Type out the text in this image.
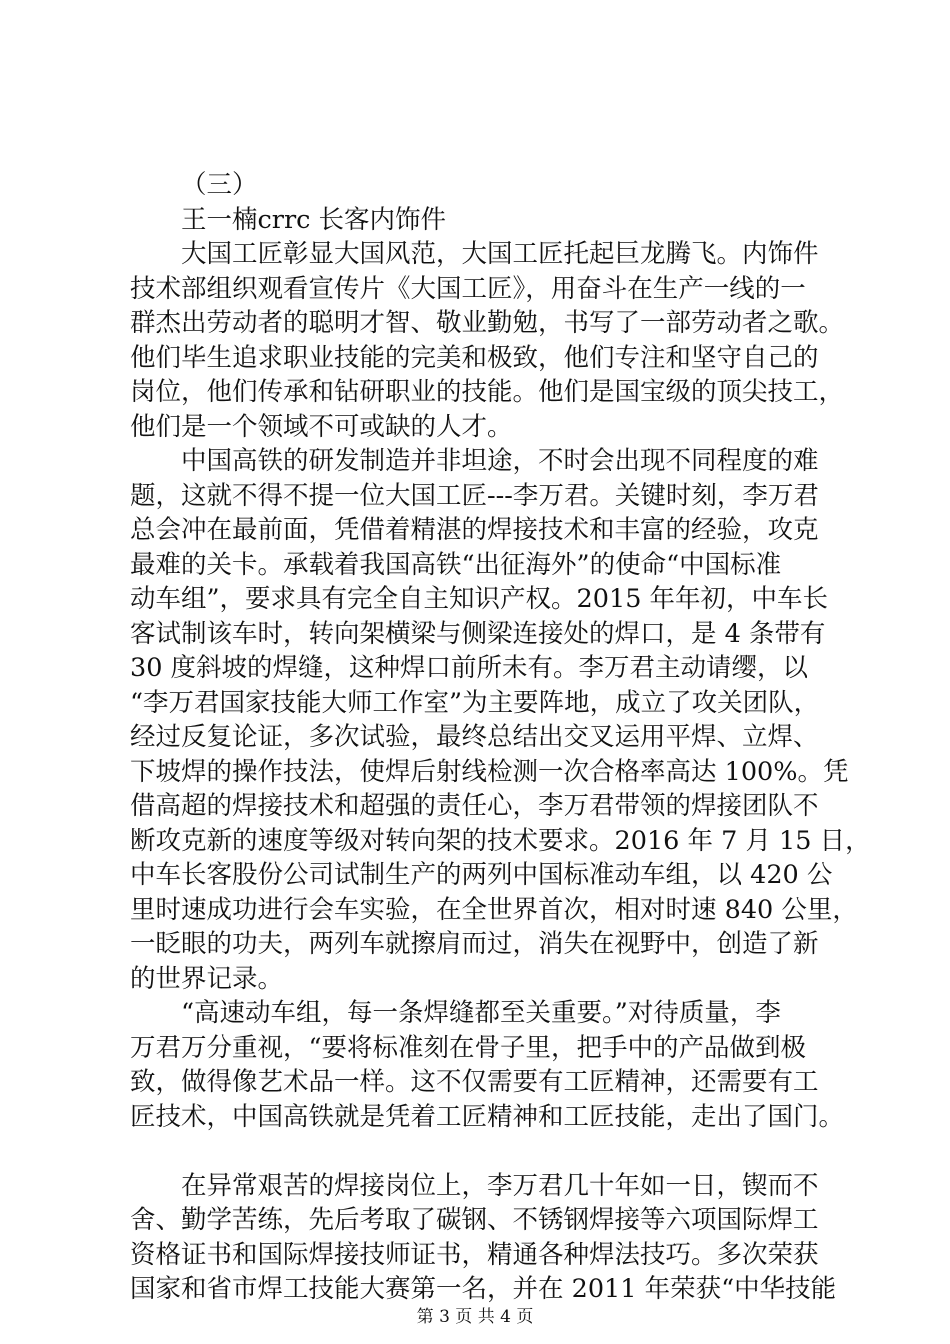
（三）
王一楠crrc 长客内饰件
大国工匠彰显大国风范，大国工匠托起巨龙腾飞。内饰件
技术部组织观看宣传片《大国工匠》，用奋斗在生产一线的一
群杰出劳动者的聪明才智、敬业勤勉，书写了一部劳动者之歌。
他们毕生追求职业技能的完美和极致，他们专注和坚守自己的
岗位，他们传承和钻研职业的技能。他们是国宝级的顶尖技工，
他们是一个领域不可或缺的人才。
中国高铁的研发制造并非坦途，不时会出现不同程度的难
题，这就不得不提一位大国工匠---李万君。关键时刻，李万君
总会冲在最前面，凭借着精湛的焊接技术和丰富的经验，攻克
最难的关卡。承载着我国高铁“出征海外”的使命“中国标准
动车组”，要求具有完全自主知识产权。2015 年年初，中车长
客试制该车时，转向架横梁与侧梁连接处的焊口，是 4 条带有
30 度斜坡的焊缝，这种焊口前所未有。李万君主动请缨，以
“李万君国家技能大师工作室”为主要阵地，成立了攻关团队，
经过反复论证，多次试验，最终总结出交叉运用平焊、立焊、
下坡焊的操作技法，使焊后射线检测一次合格率高达 100%。凭
借高超的焊接技术和超强的责任心，李万君带领的焊接团队不
断攻克新的速度等级对转向架的技术要求。2016 年 7 月 15 日，
中车长客股份公司试制生产的两列中国标准动车组，以 420 公
里时速成功进行会车实验，在全世界首次，相对时速 840 公里，
一眨眼的功夫，两列车就擦肩而过，消失在视野中，创造了新
的世界记录。
“高速动车组，每一条焊缝都至关重要。”对待质量，李
万君万分重视，“要将标准刻在骨子里，把手中的产品做到极
致，做得像艺术品一样。这不仅需要有工匠精神，还需要有工
匠技术，中国高铁就是凭着工匠精神和工匠技能，走出了国门。
在异常艰苦的焊接岗位上，李万君几十年如一日，锲而不
舍、勤学苦练，先后考取了碳钢、不锈钢焊接等六项国际焊工
资格证书和国际焊接技师证书，精通各种焊法技巧。多次荣获
国家和省市焊工技能大赛第一名，并在 2011 年荣获“中华技能
第 3 页 共 4 页
